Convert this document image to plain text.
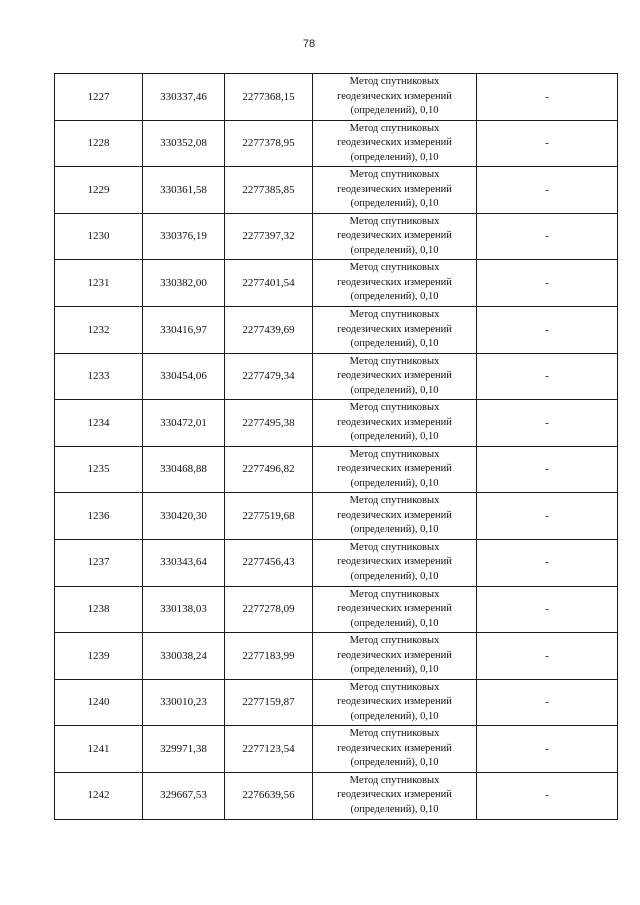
78
1227	330337,46	2277368,15	Метод спутниковых
геодезических измерений
(определений), 0,10	-
1228	330352,08	2277378,95	Метод спутниковых
геодезических измерений
(определений), 0,10	-
1229	330361,58	2277385,85	Метод спутниковых
геодезических измерений
(определений), 0,10	-
1230	330376,19	2277397,32	Метод спутниковых
геодезических измерений
(определений), 0,10	-
1231	330382,00	2277401,54	Метод спутниковых
геодезических измерений
(определений), 0,10	-
1232	330416,97	2277439,69	Метод спутниковых
геодезических измерений
(определений), 0,10	-
1233	330454,06	2277479,34	Метод спутниковых
геодезических измерений
(определений), 0,10	-
1234	330472,01	2277495,38	Метод спутниковых
геодезических измерений
(определений), 0,10	-
1235	330468,88	2277496,82	Метод спутниковых
геодезических измерений
(определений), 0,10	-
1236	330420,30	2277519,68	Метод спутниковых
геодезических измерений
(определений), 0,10	-
1237	330343,64	2277456,43	Метод спутниковых
геодезических измерений
(определений), 0,10	-
1238	330138,03	2277278,09	Метод спутниковых
геодезических измерений
(определений), 0,10	-
1239	330038,24	2277183,99	Метод спутниковых
геодезических измерений
(определений), 0,10	-
1240	330010,23	2277159,87	Метод спутниковых
геодезических измерений
(определений), 0,10	-
1241	329971,38	2277123,54	Метод спутниковых
геодезических измерений
(определений), 0,10	-
1242	329667,53	2276639,56	Метод спутниковых
геодезических измерений
(определений), 0,10	-
